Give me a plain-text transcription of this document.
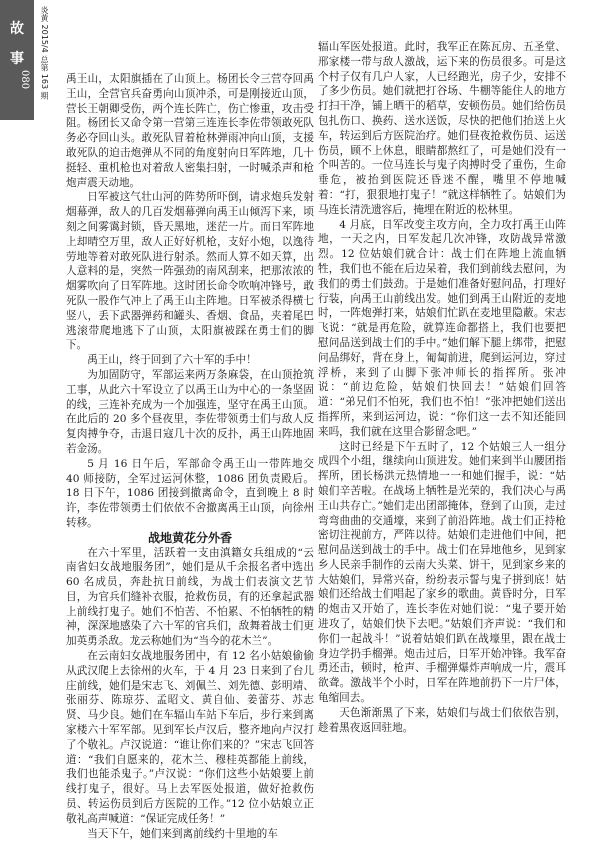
故
事
080	炎黄 2015/4 总第 163 期 禹王山，太阳旗插在了山顶上。杨团长令三营夺回禹王山，全营官兵奋勇向山顶冲杀，可是刚接近山顶，营长王朝卿受伤，两个连长阵亡，伤亡惨重，攻击受阻。杨团长又命令第一营第三连连长李佐带领敢死队务必夺回山头。敢死队冒着枪林弹雨冲向山顶，支援敢死队的迫击炮弹从不同的角度射向日军阵地，几十挺轻、重机枪也对着敌人密集扫射，一时喊杀声和枪炮声震天动地。

日军被这气壮山河的阵势所吓倒，请求炮兵发射烟幕弹，敌人的几百发烟幕弹向禹王山倾泻下来，顷刻之间雾霭封锁，昏天黑地，迷茫一片。而日军阵地上却晴空万里，敌人正好好机枪，支好小炮，以逸待劳地等着对敢死队进行射杀。然而人算不如天算，出人意料的是，突然一阵强劲的南风刮来，把那浓浓的烟雾吹向了日军阵地。这时团长命令吹响冲锋号，敢死队一股作气冲上了禹王山主阵地。日军被杀得横七竖八，丢下武器弹药和罐头、香烟、食品，夹着尾巴逃滚带爬地逃下了山顶，太阳旗被踩在勇士们的脚下。

禹王山，终于回到了六十军的手中！

为加固防守，军部运来两万条麻袋，在山顶抢筑工事，从此六十军设立了以禹王山为中心的一条坚固的线，三连补充成为一个加强连，坚守在禹王山顶。在此后的 20 多个昼夜里，李佐带领勇士们与敌人反复肉搏争夺，击退日寇几十次的反扑，禹王山阵地固若金汤。

5 月 16 日午后，军部命令禹王山一带阵地交 40 师接防，全军过运河休整，1086 团负责殿后。18 日下午，1086 团接到撤离命令，直到晚上 8 时许，李佐带领勇士们依依不舍撤离禹王山顶，向徐州转移。

战地黄花分外香

在六十军里，活跃着一支由滇籍女兵组成的“云南省妇女战地服务团”，她们是从千余报名者中选出 60 名成员，奔赴抗日前线，为战士们表演文艺节目，为官兵们缝补衣服，抢救伤员，有的还拿起武器上前线打鬼子。她们不怕苦、不怕累、不怕牺牲的精神，深深地感染了六十军的官兵们，敌舞着战士们更加英勇杀敌。龙云称她们为“当今的花木兰”。

在云南妇女战地服务团中，有 12 名小姑娘偷偷从武汉爬上去徐州的火车，于 4 月 23 日来到了台儿庄前线，她们是宋志飞、刘佩兰、刘先德、彭明靖、张丽芬、陈琼芬、孟昭文、黄自仙、姜蕾芬、苏志贤、马少良。她们在车辐山车站下车后，步行来到离家楼六十军军部。见到军长卢汉后，整齐地向卢汉打了个敬礼。卢汉说道：“谁让你们来的？”宋志飞回答道：“我们自愿来的，花木兰、穆桂英都能上前线，我们也能杀鬼子。”卢汉说：“你们这些小姑娘要上前线打鬼子，很好。马上去军医处报道，做好抢救伤员、转运伤员到后方医院的工作。”12 位小姑娘立正敬礼高声喊道：“保证完成任务！”

当天下午，她们来到离前线约十里地的车

辐山军医处报道。此时，我军正在陈瓦房、五圣堂、邢家楼一带与敌人激战，运下来的伤员很多。可是这个村子仅有几户人家，人已经跑光，房子少，安排不了多少伤员。她们就把打谷场、牛棚等能住人的地方打扫干净，铺上晒干的稻草，安顿伤员。她们给伤员包扎伤口、换药、送水送饭，尽快的把他们抬送上火车，转运到后方医院治疗。她们昼夜抢救伤员、运送伤员，顾不上休息，眼睛都熬红了，可是她们没有一个叫苦的。一位马连长与鬼子肉搏时受了重伤，生命垂危，被抬到医院还昏迷不醒，嘴里不停地喊着：“打，狠狠地打鬼子！”就这样牺牲了。姑娘们为马连长清洗遗容后，掩埋在附近的松林里。

4 月底，日军改变主攻方向，全力攻打禹王山阵地，一天之内，日军发起几次冲锋，攻防战异常激烈。12 位姑娘们就合计：战士们在阵地上流血牺牲，我们也不能在后边呆着，我们到前线去慰问，为我们的勇士们鼓劲。于是她们准备好慰问品，打理好行装，向禹王山前线出发。她们到禹王山附近的麦地时，一阵炮弹打来，姑娘们忙趴在麦地里隐蔽。宋志飞说：“就是再危险，就算连命都搭上，我们也要把慰问品送到战士们的手中。”她们解下腿上绑带，把慰问品绑好，背在身上，匍匐前进，爬到运河边，穿过浮桥，来到了山脚下张冲师长的指挥所。张冲说：“前边危险，姑娘们快回去！”姑娘们回答道：“弟兄们不怕死，我们也不怕！”张冲把她们送出指挥所，来到运河边，说：“你们这一去不知还能回来吗，我们就在这里合影留念吧。”

这时已经是下午五时了，12 个姑娘三人一组分成四个小组，继续向山顶进发。她们来到半山腰团指挥所，团长杨洪元热情地一一和她们握手，说：“姑娘们辛苦啦。在战场上牺牲是光荣的，我们决心与禹王山共存亡。”她们走出团部掩体，登到了山顶，走过弯弯曲曲的交通壕，来到了前沿阵地。战士们正持枪密切注视前方，严阵以待。姑娘们走进他们中间，把慰问品送到战士的手中。战士们在异地他乡，见到家乡人民亲手制作的云南大头菜、饼干，见到家乡来的大姑娘们，异常兴奋，纷纷表示誓与鬼子拼到底！姑娘们还给战士们唱起了家乡的歌曲。黄昏时分，日军的炮击又开始了，连长李佐对她们说：“鬼子要开始进攻了，姑娘们快下去吧。”姑娘们齐声说：“我们和你们一起战斗！”说着姑娘们趴在战壕里，跟在战士身边学扔手榴弹。炮击过后，日军开始冲锋。我军奋勇还击，顿时，枪声、手榴弹爆炸声响成一片，震耳欲聋。激战半个小时，日军在阵地前扔下一片尸体，龟缩回去。

天色渐渐黑了下来，姑娘们与战士们依依告别，趁着黑夜返回驻地。
